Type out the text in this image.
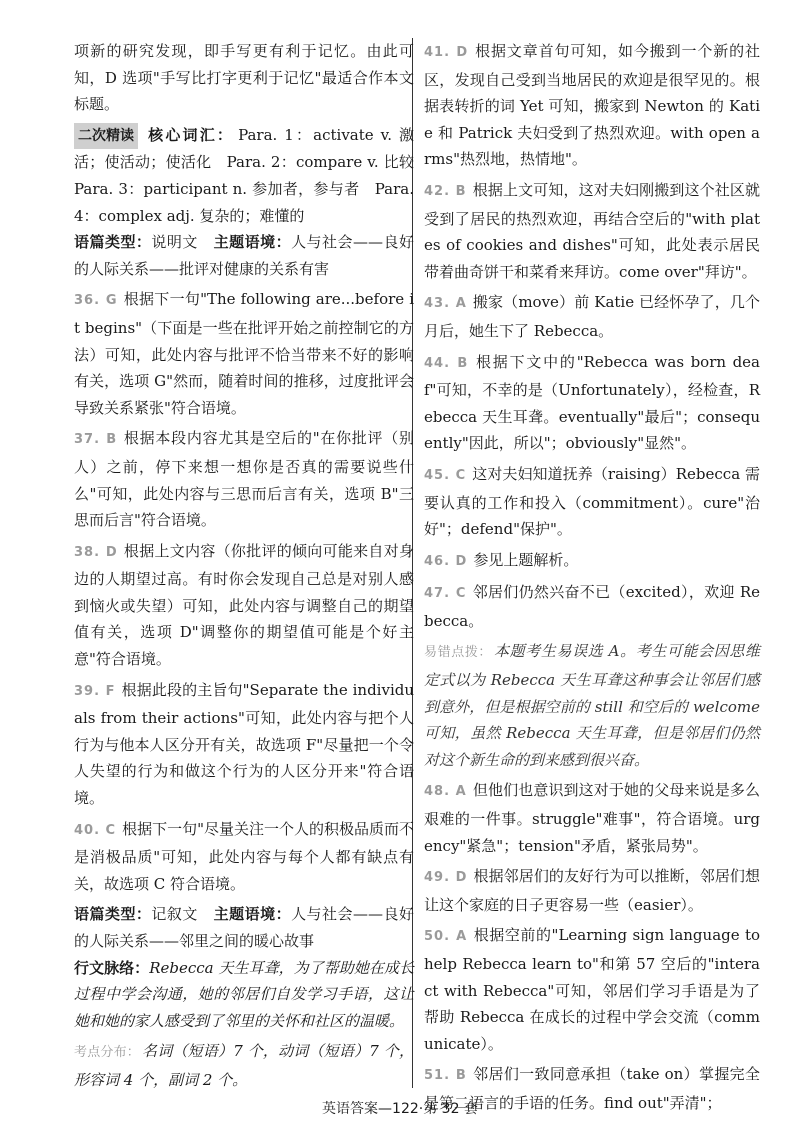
项新的研究发现，即手写更有利于记忆。由此可知，D 选项"手写比打字更利于记忆"最适合作本文标题。

二次精读 核心词汇： Para. 1：activate v. 激活；使活动；使活化　Para. 2：compare v. 比较　Para. 3：participant n. 参加者，参与者　Para. 4：complex adj. 复杂的；难懂的

语篇类型：说明文 主题语境：人与社会——良好的人际关系——批评对健康的关系有害

36. G 根据下一句"The following are...before it begins"（下面是一些在批评开始之前控制它的方法）可知，此处内容与批评不恰当带来不好的影响有关，选项 G"然而，随着时间的推移，过度批评会导致关系紧张"符合语境。

37. B 根据本段内容尤其是空后的"在你批评（别人）之前，停下来想一想你是否真的需要说些什么"可知，此处内容与三思而后言有关，选项 B"三思而后言"符合语境。

38. D 根据上文内容（你批评的倾向可能来自对身边的人期望过高。有时你会发现自己总是对别人感到恼火或失望）可知，此处内容与调整自己的期望值有关，选项 D"调整你的期望值可能是个好主意"符合语境。

39. F 根据此段的主旨句"Separate the individuals from their actions"可知，此处内容与把个人行为与他本人区分开有关，故选项 F"尽量把一个令人失望的行为和做这个行为的人区分开来"符合语境。

40. C 根据下一句"尽量关注一个人的积极品质而不是消极品质"可知，此处内容与每个人都有缺点有关，故选项 C 符合语境。

语篇类型：记叙文 主题语境：人与社会——良好的人际关系——邻里之间的暖心故事

行文脉络：Rebecca 天生耳聋，为了帮助她在成长过程中学会沟通，她的邻居们自发学习手语，这让她和她的家人感受到了邻里的关怀和社区的温暖。

考点分布： 名词（短语）7 个，动词（短语）7 个，形容词 4 个，副词 2 个。

41. D 根据文章首句可知，如今搬到一个新的社区，发现自己受到当地居民的欢迎是很罕见的。根据表转折的词 Yet 可知，搬家到 Newton 的 Katie 和 Patrick 夫妇受到了热烈欢迎。with open arms"热烈地，热情地"。

42. B 根据上文可知，这对夫妇刚搬到这个社区就受到了居民的热烈欢迎，再结合空后的"with plates of cookies and dishes"可知，此处表示居民带着曲奇饼干和菜肴来拜访。come over"拜访"。

43. A 搬家（move）前 Katie 已经怀孕了，几个月后，她生下了 Rebecca。

44. B 根据下文中的"Rebecca was born deaf"可知，不幸的是（Unfortunately），经检查，Rebecca 天生耳聋。eventually"最后"；consequently"因此，所以"；obviously"显然"。

45. C 这对夫妇知道抚养（raising）Rebecca 需要认真的工作和投入（commitment）。cure"治好"；defend"保护"。

46. D 参见上题解析。

47. C 邻居们仍然兴奋不已（excited），欢迎 Rebecca。

易错点拨： 本题考生易误选 A。考生可能会因思维定式以为 Rebecca 天生耳聋这种事会让邻居们感到意外，但是根据空前的 still 和空后的 welcome 可知，虽然 Rebecca 天生耳聋，但是邻居们仍然对这个新生命的到来感到很兴奋。

48. A 但他们也意识到这对于她的父母来说是多么艰难的一件事。struggle"难事"，符合语境。urgency"紧急"；tension"矛盾，紧张局势"。

49. D 根据邻居们的友好行为可以推断，邻居们想让这个家庭的日子更容易一些（easier）。

50. A 根据空前的"Learning sign language to help Rebecca learn to"和第 57 空后的"interact with Rebecca"可知，邻居们学习手语是为了帮助 Rebecca 在成长的过程中学会交流（communicate）。

51. B 邻居们一致同意承担（take on）掌握完全是第二语言的手语的任务。find out"弄清"；

英语答案—122·第 32 套
